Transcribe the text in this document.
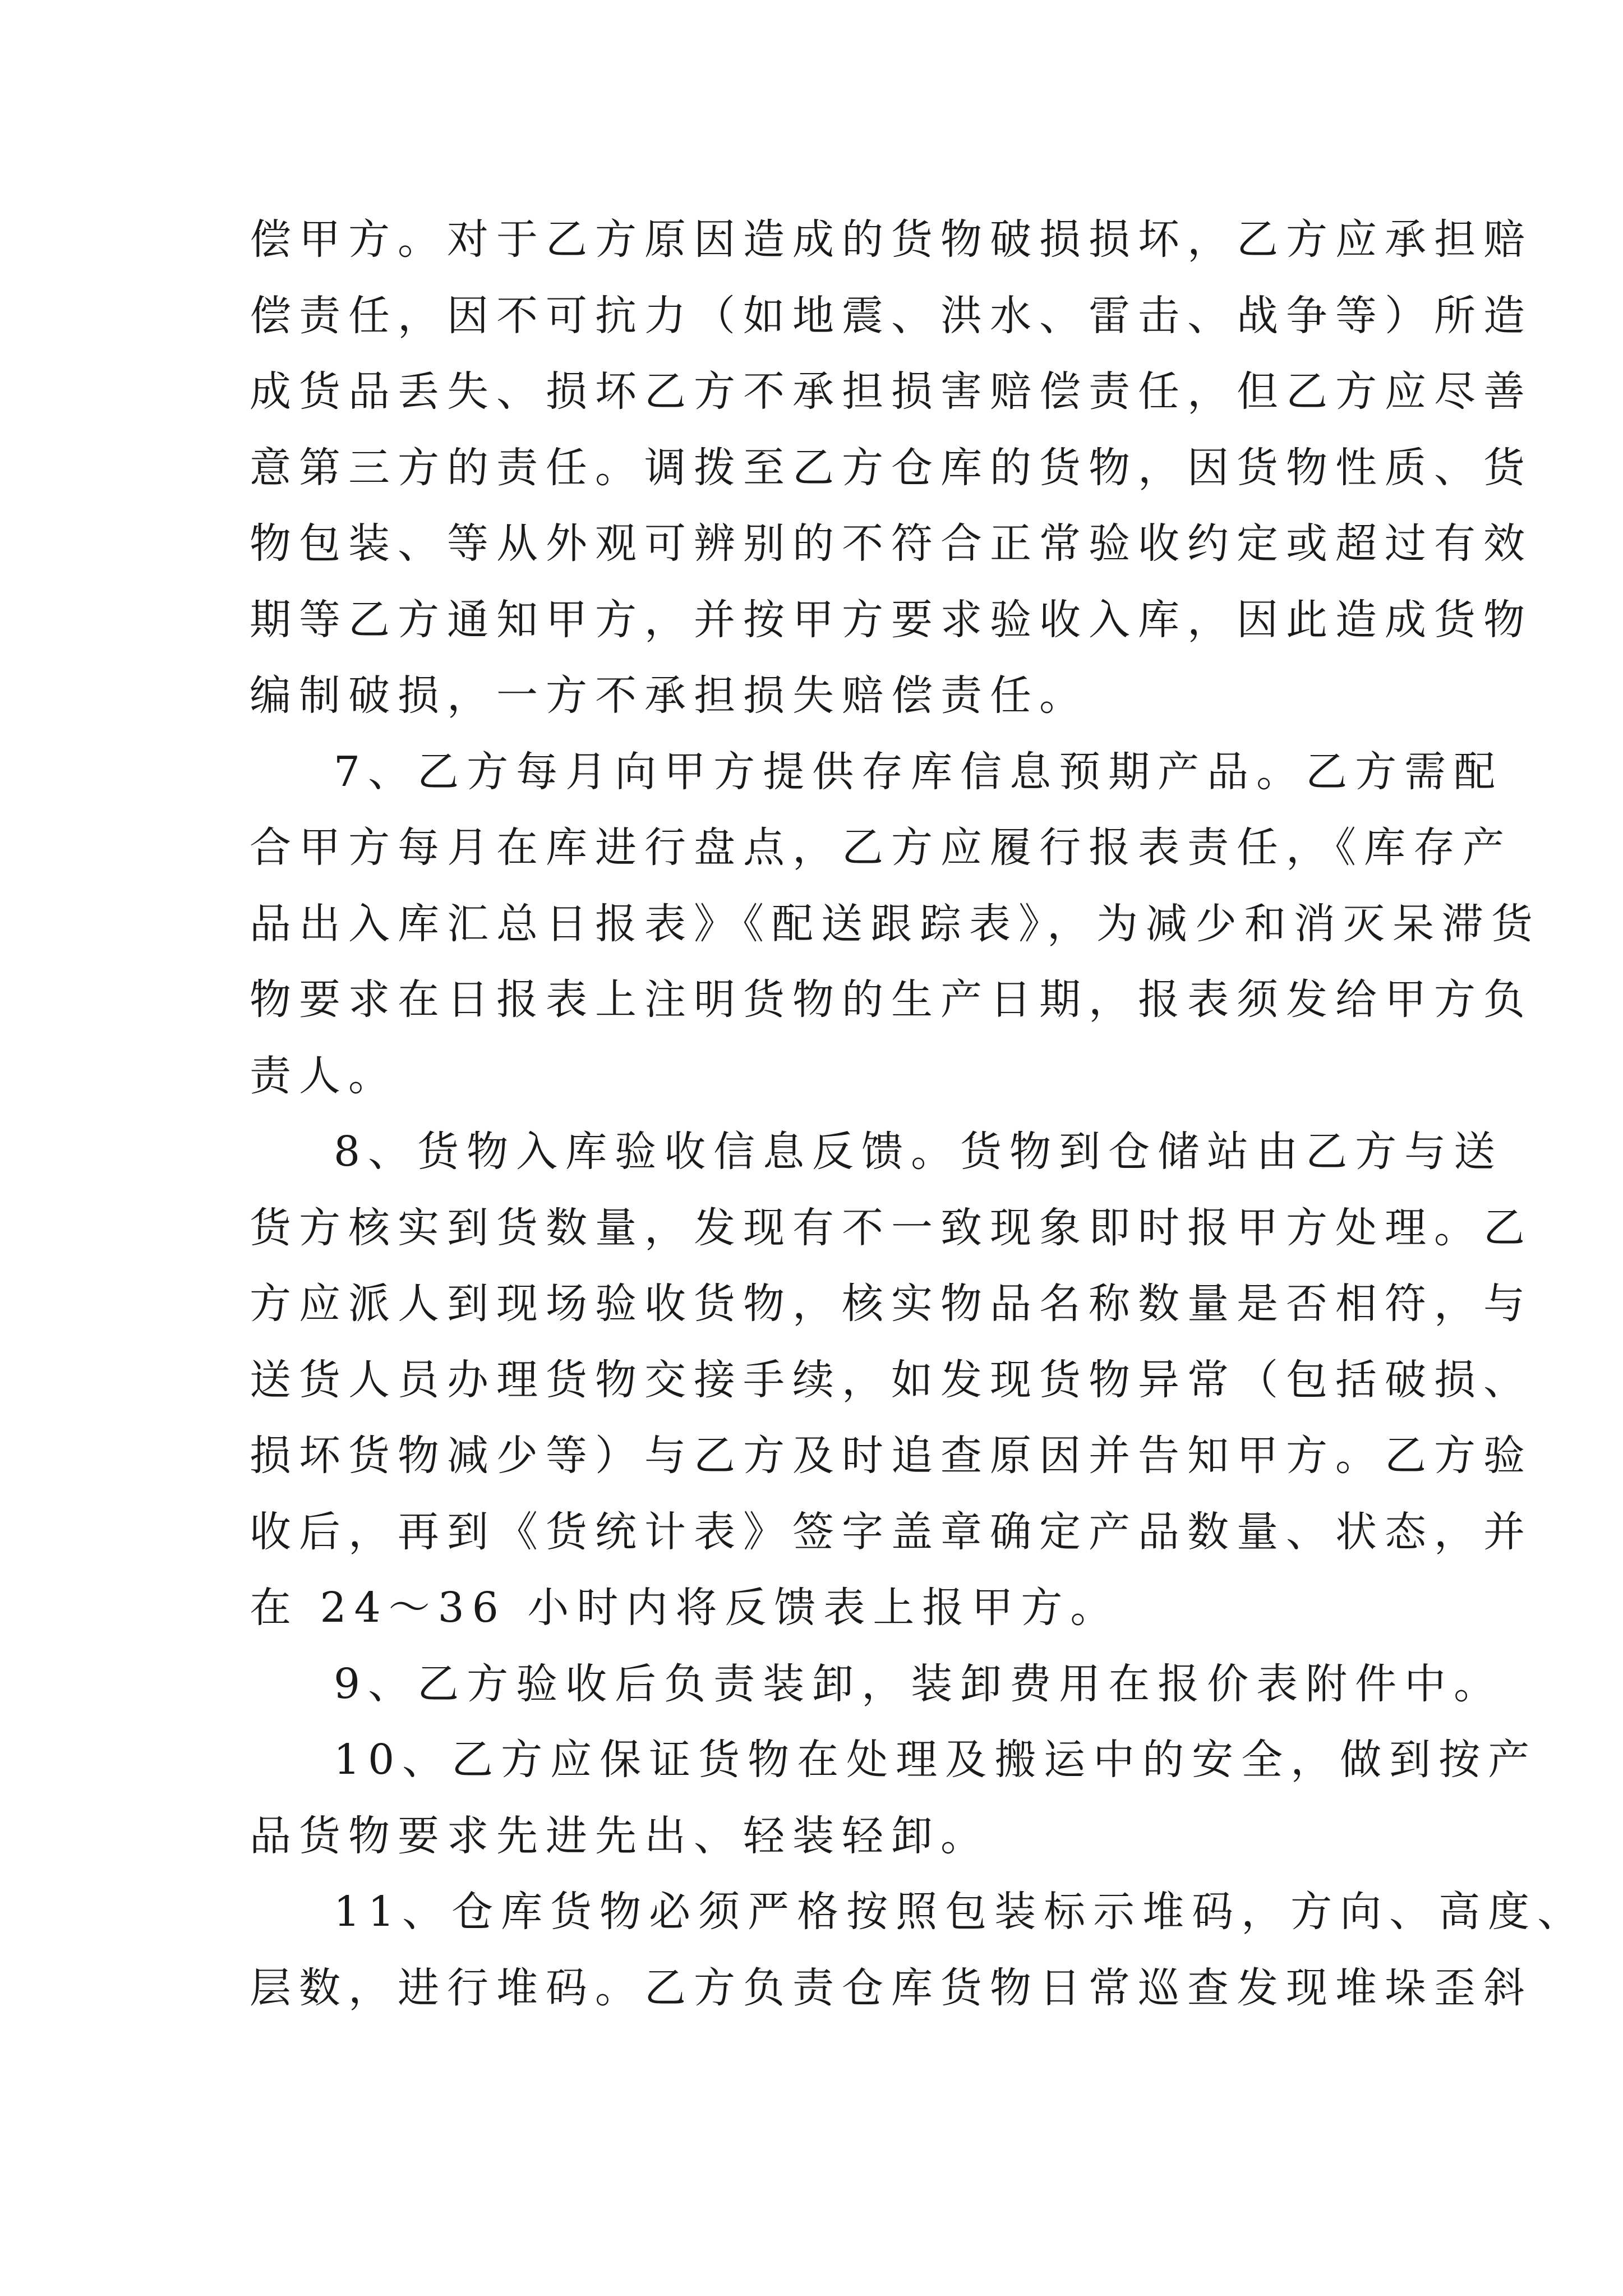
偿甲方。对于乙方原因造成的货物破损损坏，乙方应承担赔
偿责任，因不可抗力（如地震、洪水、雷击、战争等）所造
成货品丢失、损坏乙方不承担损害赔偿责任，但乙方应尽善
意第三方的责任。调拨至乙方仓库的货物，因货物性质、货
物包装、等从外观可辨别的不符合正常验收约定或超过有效
期等乙方通知甲方，并按甲方要求验收入库，因此造成货物
编制破损，一方不承担损失赔偿责任。
7、乙方每月向甲方提供存库信息预期产品。乙方需配
合甲方每月在库进行盘点，乙方应履行报表责任，《库存产
品出入库汇总日报表》《配送跟踪表》，为减少和消灭呆滞货
物要求在日报表上注明货物的生产日期，报表须发给甲方负
责人。
8、货物入库验收信息反馈。货物到仓储站由乙方与送
货方核实到货数量，发现有不一致现象即时报甲方处理。乙
方应派人到现场验收货物，核实物品名称数量是否相符，与
送货人员办理货物交接手续，如发现货物异常（包括破损、
损坏货物减少等）与乙方及时追查原因并告知甲方。乙方验
收后，再到《货统计表》签字盖章确定产品数量、状态，并
在 24～36 小时内将反馈表上报甲方。
9、乙方验收后负责装卸，装卸费用在报价表附件中。
10、乙方应保证货物在处理及搬运中的安全，做到按产
品货物要求先进先出、轻装轻卸。
11、仓库货物必须严格按照包装标示堆码，方向、高度、
层数，进行堆码。乙方负责仓库货物日常巡查发现堆垛歪斜
